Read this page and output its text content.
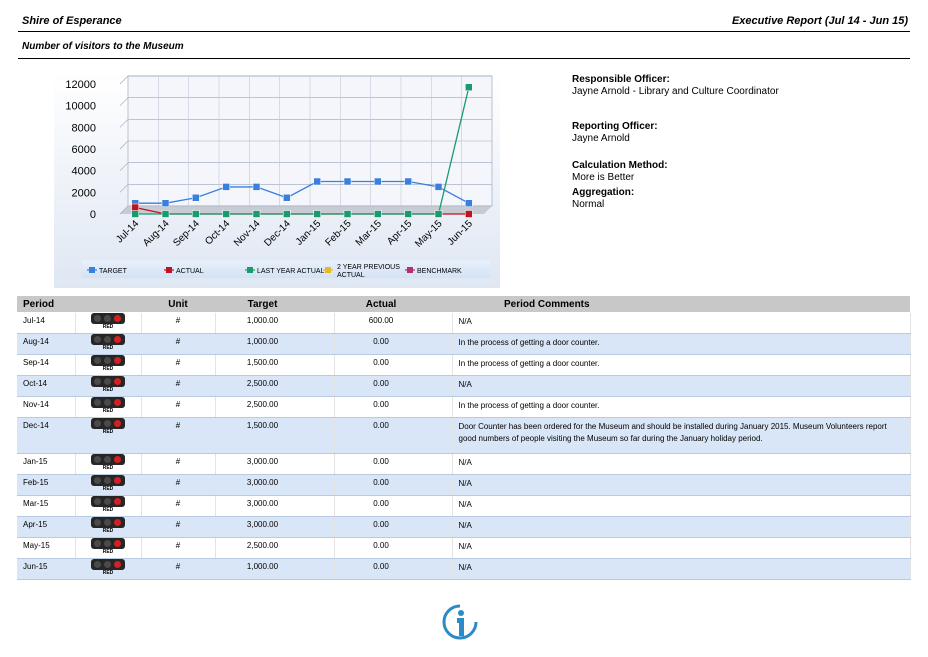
Shire of Esperance	Executive Report (Jul 14 - Jun 15)
Number of visitors to the Museum
0
2000
4000
6000
8000
10000
12000
Jul-14 Aug-14 Sep-14 Oct-14 Nov-14 Dec-14 Jan-15 Feb-15 Mar-15 Apr-15
May-15 Jun-15
TARGET	ACTUAL	LAST YEAR ACTUAL
2 YEAR PREVIOUS
ACTUAL
BENCHMARK
Responsible Officer:
Jayne Arnold - Library and Culture Coordinator
Reporting Officer:
Jayne Arnold
Calculation Method:
More is Better
Aggregation:
Normal
Period		Unit	Target	Actual	Period Comments
Jul-14	RED	#	1,000.00	600.00	N/A
Aug-14	RED	#	1,000.00	0.00	In the process of getting a door counter.
Sep-14	RED	#	1,500.00	0.00	In the process of getting a door counter.
Oct-14	RED	#	2,500.00	0.00	N/A
Nov-14	RED	#	2,500.00	0.00	In the process of getting a door counter.
Dec-14	RED	#	1,500.00	0.00	Door Counter has been ordered for the Museum and should be installed during January 2015. Museum Volunteers report good numbers of people visiting the Museum so far during the January holiday period.
Jan-15	RED	#	3,000.00	0.00	N/A
Feb-15	RED	#	3,000.00	0.00	N/A
Mar-15	RED	#	3,000.00	0.00	N/A
Apr-15	RED	#	3,000.00	0.00	N/A
May-15	RED	#	2,500.00	0.00	N/A
Jun-15	RED	#	1,000.00	0.00	N/A
